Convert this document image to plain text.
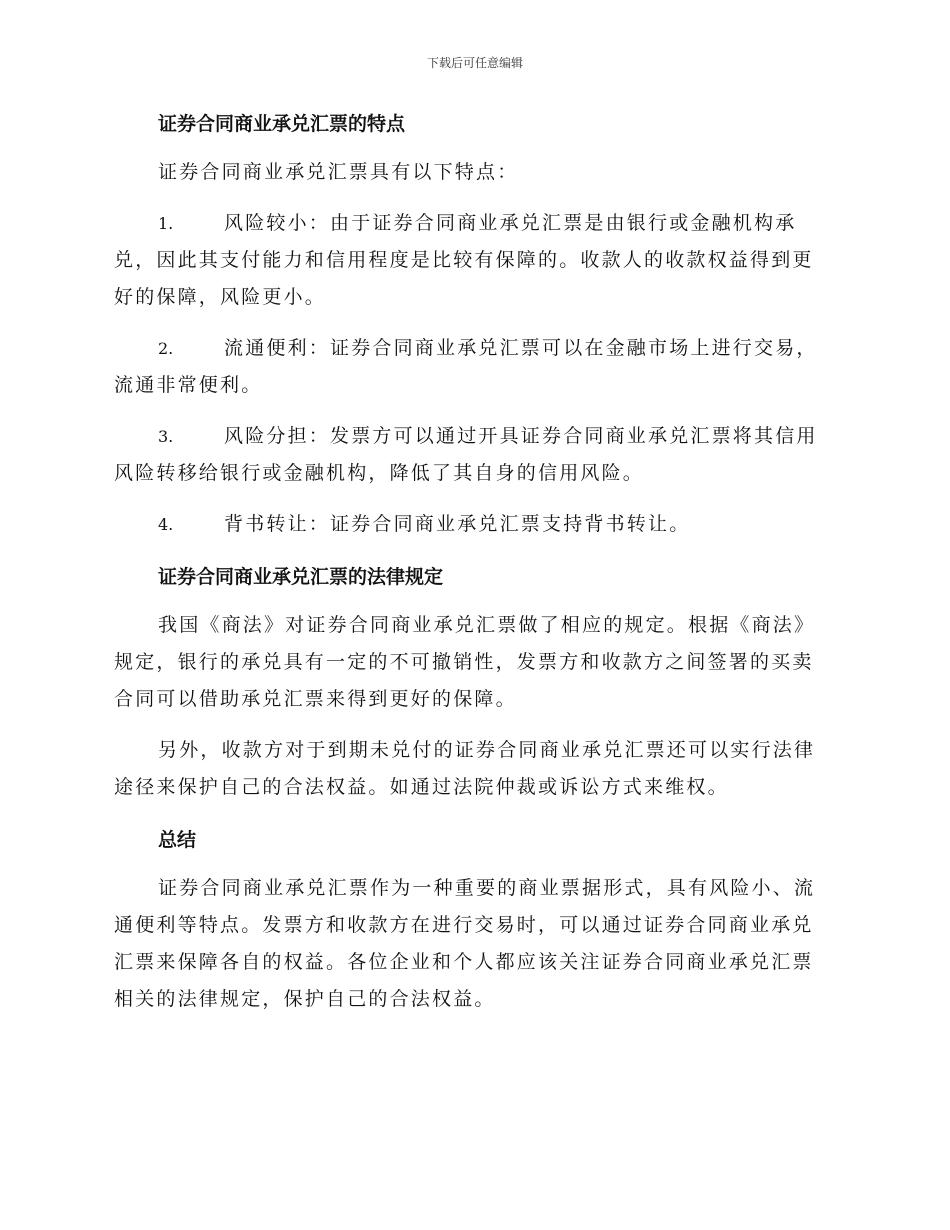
下载后可任意编辑
证券合同商业承兑汇票的特点

证券合同商业承兑汇票具有以下特点：

1.	风险较小：由于证券合同商业承兑汇票是由银行或金融机构承兑，因此其支付能力和信用程度是比较有保障的。收款人的收款权益得到更好的保障，风险更小。

2.	流通便利：证券合同商业承兑汇票可以在金融市场上进行交易，流通非常便利。

3.	风险分担：发票方可以通过开具证券合同商业承兑汇票将其信用风险转移给银行或金融机构，降低了其自身的信用风险。

4.	背书转让：证券合同商业承兑汇票支持背书转让。

证券合同商业承兑汇票的法律规定

我国《商法》对证券合同商业承兑汇票做了相应的规定。根据《商法》规定，银行的承兑具有一定的不可撤销性，发票方和收款方之间签署的买卖合同可以借助承兑汇票来得到更好的保障。

另外，收款方对于到期未兑付的证券合同商业承兑汇票还可以实行法律途径来保护自己的合法权益。如通过法院仲裁或诉讼方式来维权。

总结

证券合同商业承兑汇票作为一种重要的商业票据形式，具有风险小、流通便利等特点。发票方和收款方在进行交易时，可以通过证券合同商业承兑汇票来保障各自的权益。各位企业和个人都应该关注证券合同商业承兑汇票相关的法律规定，保护自己的合法权益。
